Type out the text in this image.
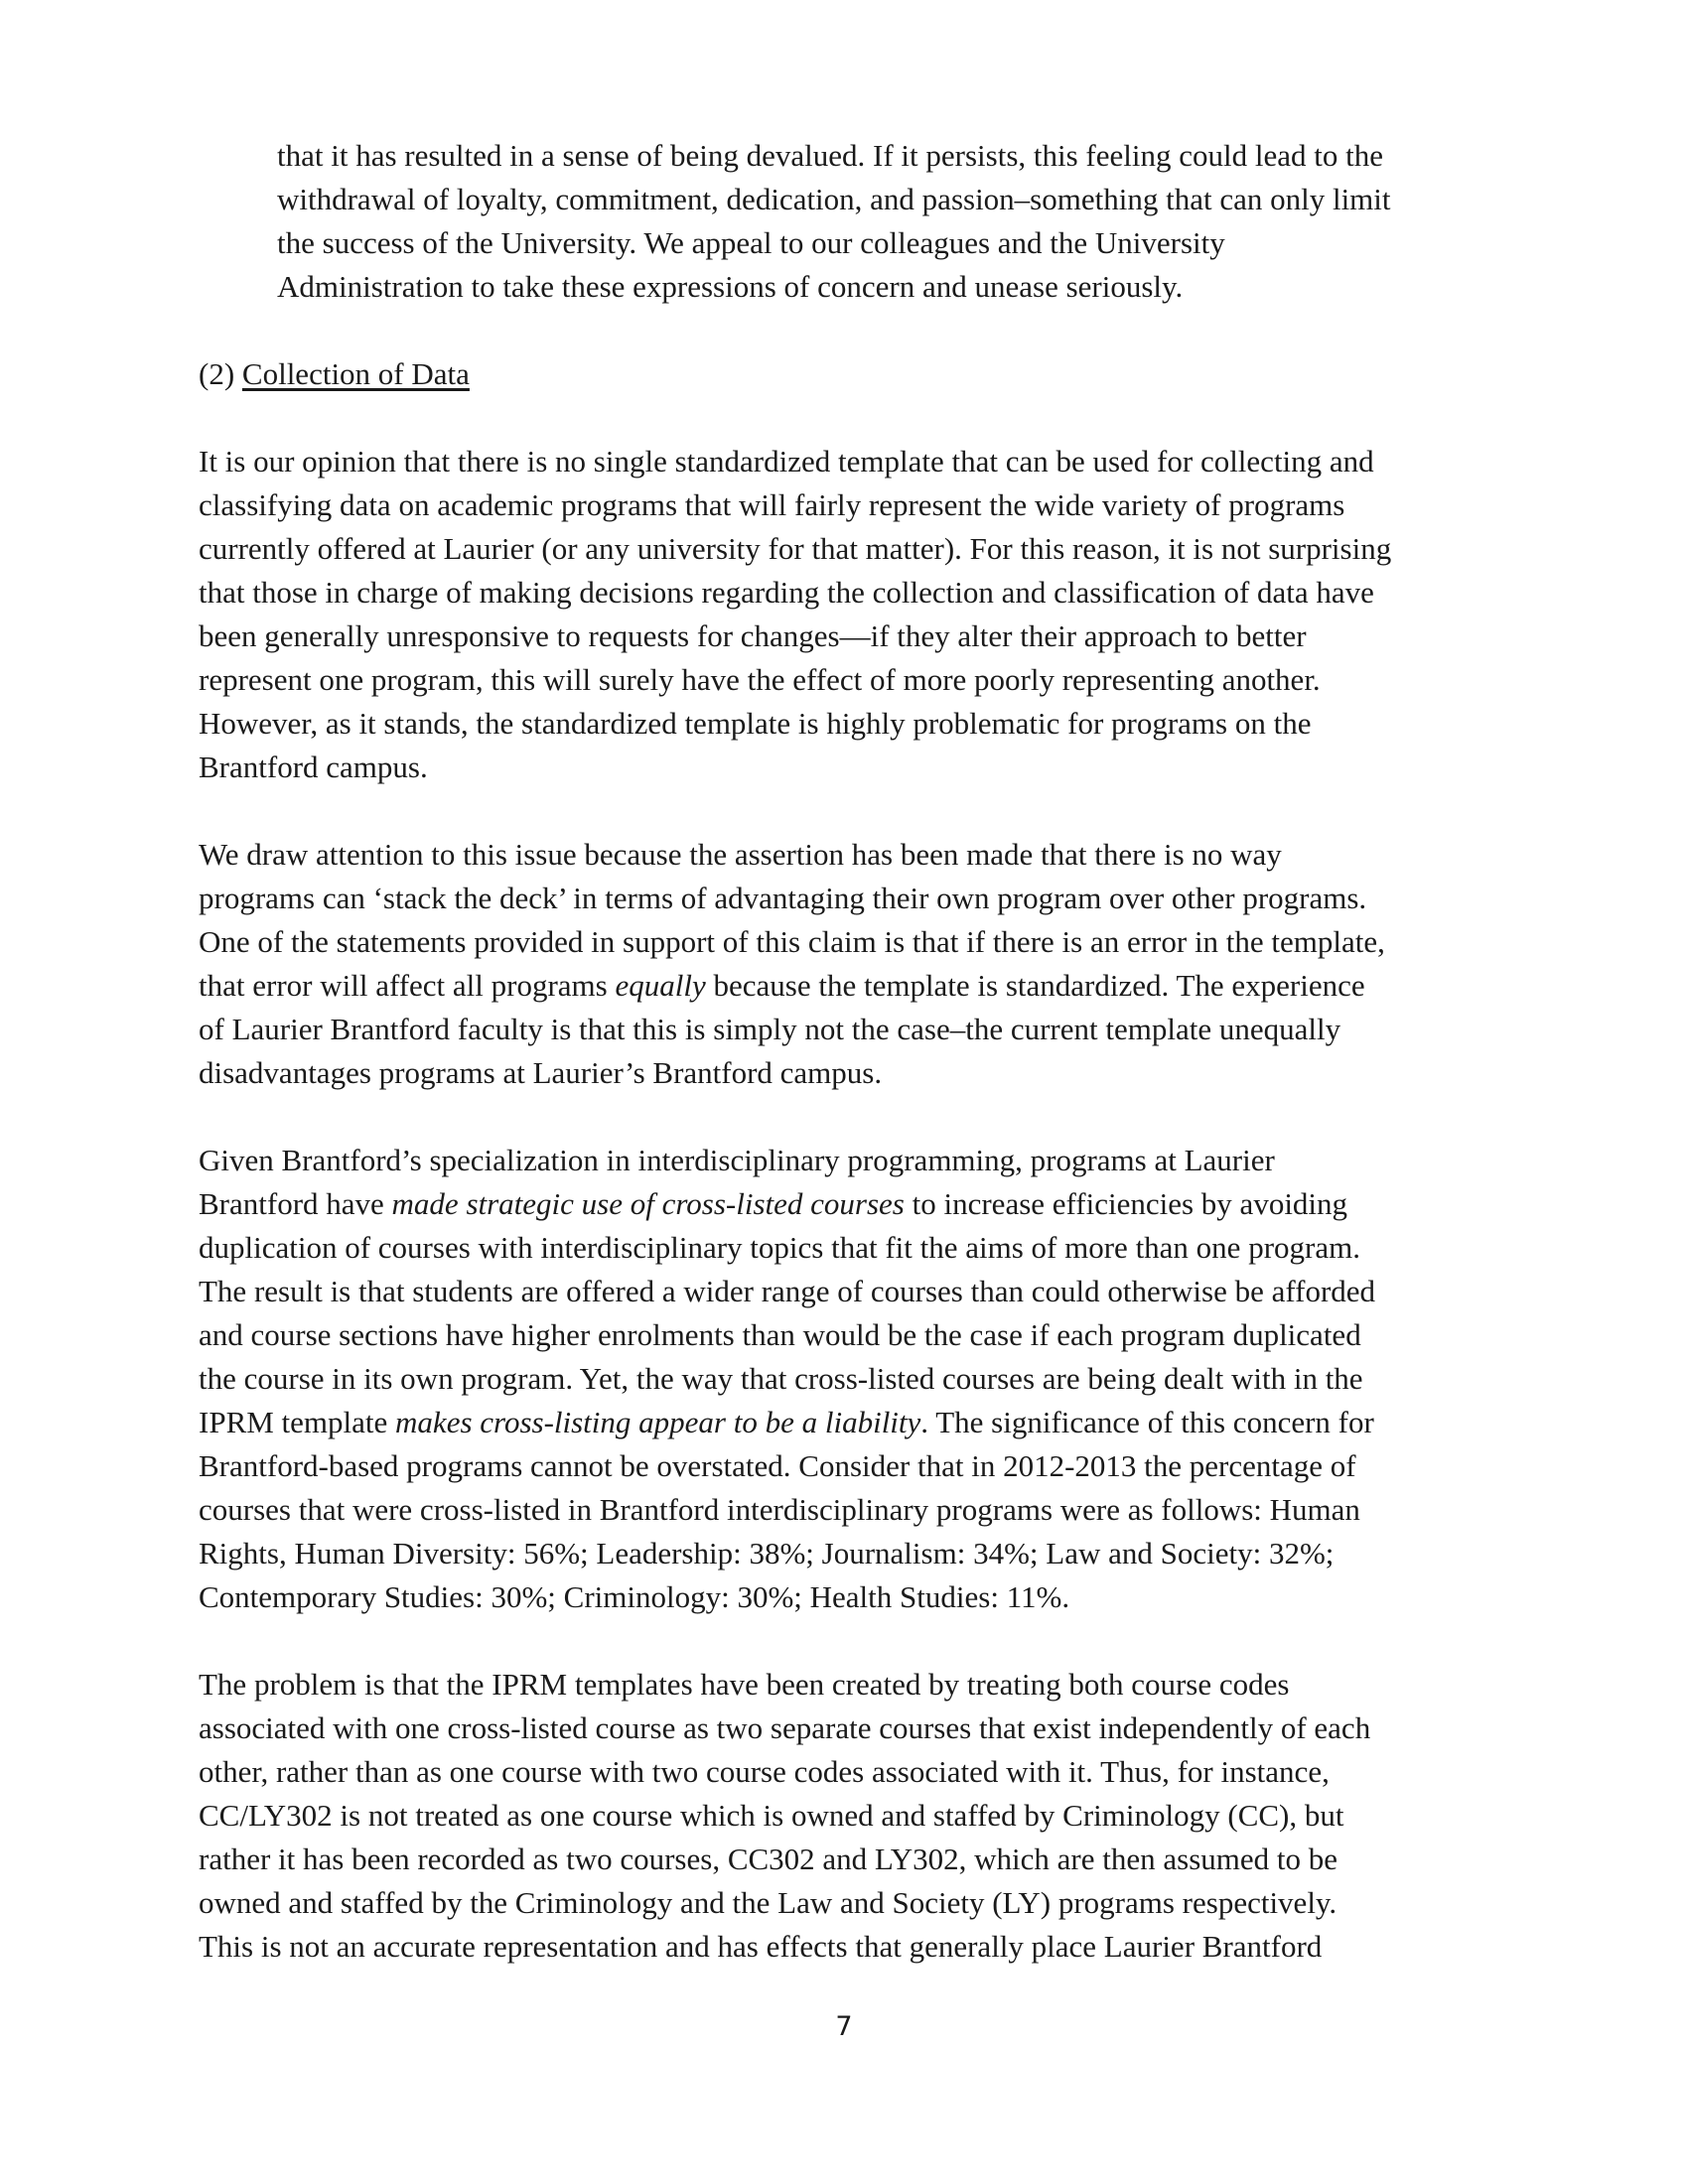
that it has resulted in a sense of being devalued. If it persists, this feeling could lead to the
withdrawal of loyalty, commitment, dedication, and passion–something that can only limit
the success of the University. We appeal to our colleagues and the University
Administration to take these expressions of concern and unease seriously.
(2) Collection of Data
It is our opinion that there is no single standardized template that can be used for collecting and
classifying data on academic programs that will fairly represent the wide variety of programs
currently offered at Laurier (or any university for that matter). For this reason, it is not surprising
that those in charge of making decisions regarding the collection and classification of data have
been generally unresponsive to requests for changes—if they alter their approach to better
represent one program, this will surely have the effect of more poorly representing another.
However, as it stands, the standardized template is highly problematic for programs on the
Brantford campus.
We draw attention to this issue because the assertion has been made that there is no way
programs can ‘stack the deck’ in terms of advantaging their own program over other programs.
One of the statements provided in support of this claim is that if there is an error in the template,
that error will affect all programs equally because the template is standardized. The experience
of Laurier Brantford faculty is that this is simply not the case–the current template unequally
disadvantages programs at Laurier’s Brantford campus.
Given Brantford’s specialization in interdisciplinary programming, programs at Laurier
Brantford have made strategic use of cross-listed courses to increase efficiencies by avoiding
duplication of courses with interdisciplinary topics that fit the aims of more than one program.
The result is that students are offered a wider range of courses than could otherwise be afforded
and course sections have higher enrolments than would be the case if each program duplicated
the course in its own program. Yet, the way that cross-listed courses are being dealt with in the
IPRM template makes cross-listing appear to be a liability. The significance of this concern for
Brantford-based programs cannot be overstated. Consider that in 2012-2013 the percentage of
courses that were cross-listed in Brantford interdisciplinary programs were as follows: Human
Rights, Human Diversity: 56%; Leadership: 38%; Journalism: 34%; Law and Society: 32%;
Contemporary Studies: 30%; Criminology: 30%; Health Studies: 11%.
The problem is that the IPRM templates have been created by treating both course codes
associated with one cross-listed course as two separate courses that exist independently of each
other, rather than as one course with two course codes associated with it. Thus, for instance,
CC/LY302 is not treated as one course which is owned and staffed by Criminology (CC), but
rather it has been recorded as two courses, CC302 and LY302, which are then assumed to be
owned and staffed by the Criminology and the Law and Society (LY) programs respectively.
This is not an accurate representation and has effects that generally place Laurier Brantford
7
